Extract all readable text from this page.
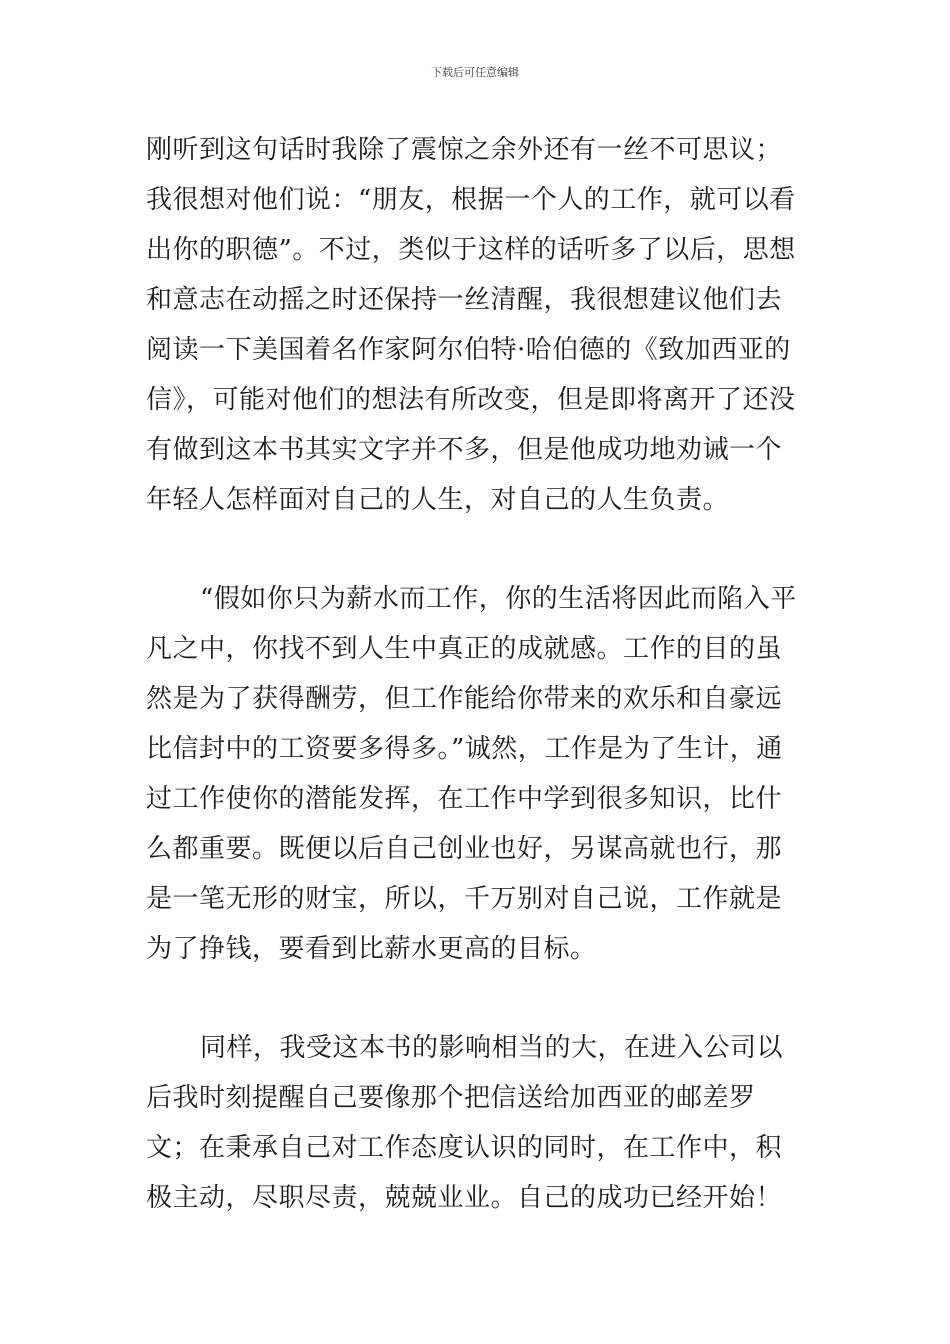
下载后可任意编辑

刚听到这句话时我除了震惊之余外还有一丝不可思议；我很想对他们说：“朋友，根据一个人的工作，就可以看出你的职德”。不过，类似于这样的话听多了以后，思想和意志在动摇之时还保持一丝清醒，我很想建议他们去阅读一下美国着名作家阿尔伯特·哈伯德的《致加西亚的信》，可能对他们的想法有所改变，但是即将离开了还没有做到这本书其实文字并不多，但是他成功地劝诫一个年轻人怎样面对自己的人生，对自己的人生负责。

“假如你只为薪水而工作，你的生活将因此而陷入平凡之中，你找不到人生中真正的成就感。工作的目的虽然是为了获得酬劳，但工作能给你带来的欢乐和自豪远比信封中的工资要多得多。”诚然，工作是为了生计，通过工作使你的潜能发挥，在工作中学到很多知识，比什么都重要。既便以后自己创业也好，另谋高就也行，那是一笔无形的财宝，所以，千万别对自己说，工作就是为了挣钱，要看到比薪水更高的目标。

同样，我受这本书的影响相当的大，在进入公司以后我时刻提醒自己要像那个把信送给加西亚的邮差罗文；在秉承自己对工作态度认识的同时，在工作中，积极主动，尽职尽责，兢兢业业。自己的成功已经开始！
